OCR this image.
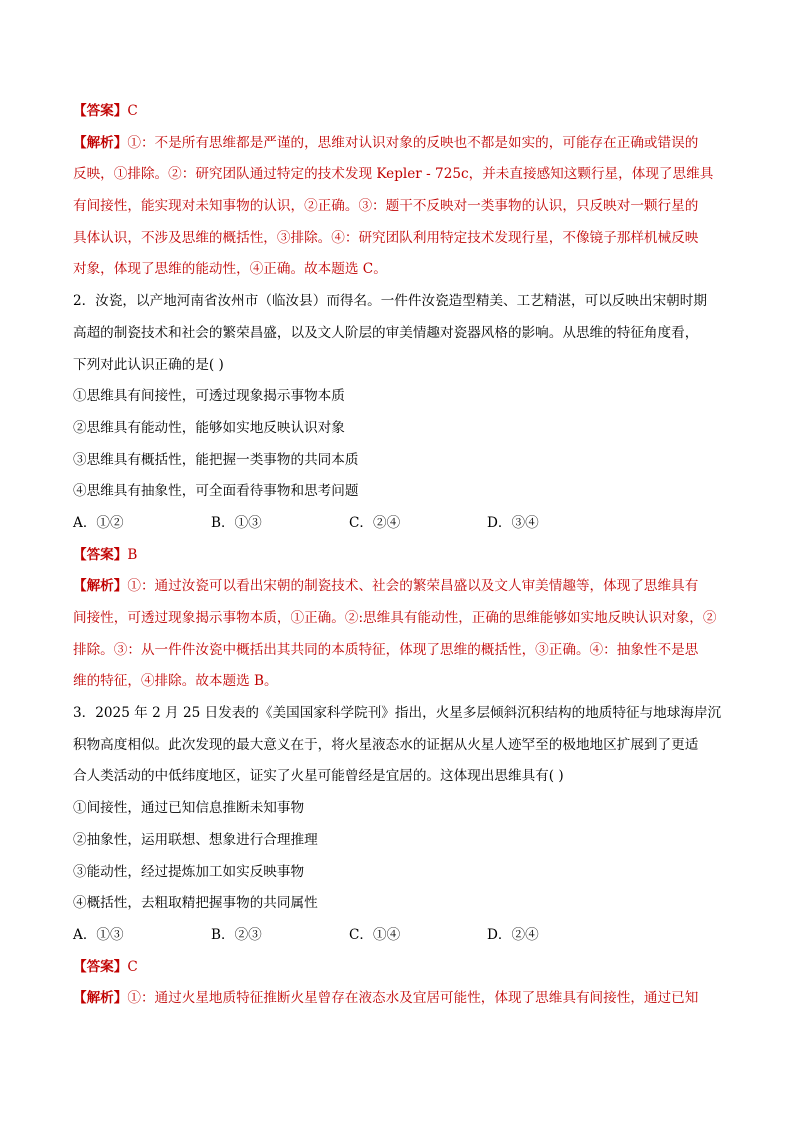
【答案】C
【解析】①：不是所有思维都是严谨的，思维对认识对象的反映也不都是如实的，可能存在正确或错误的
反映，①排除。②：研究团队通过特定的技术发现 Kepler - 725c，并未直接感知这颗行星，体现了思维具
有间接性，能实现对未知事物的认识，②正确。③：题干不反映对一类事物的认识，只反映对一颗行星的
具体认识，不涉及思维的概括性，③排除。④：研究团队利用特定技术发现行星，不像镜子那样机械反映
对象，体现了思维的能动性，④正确。故本题选 C。
2．汝瓷，以产地河南省汝州市（临汝县）而得名。一件件汝瓷造型精美、工艺精湛，可以反映出宋朝时期
高超的制瓷技术和社会的繁荣昌盛，以及文人阶层的审美情趣对瓷器风格的影响。从思维的特征角度看，
下列对此认识正确的是( )
①思维具有间接性，可透过现象揭示事物本质
②思维具有能动性，能够如实地反映认识对象
③思维具有概括性，能把握一类事物的共同本质
④思维具有抽象性，可全面看待事物和思考问题
A．①②	B．①③	C．②④	D．③④
【答案】B
【解析】①：通过汝瓷可以看出宋朝的制瓷技术、社会的繁荣昌盛以及文人审美情趣等，体现了思维具有
间接性，可透过现象揭示事物本质，①正确。②:思维具有能动性，正确的思维能够如实地反映认识对象，②
排除。③：从一件件汝瓷中概括出其共同的本质特征，体现了思维的概括性，③正确。④：抽象性不是思
维的特征，④排除。故本题选 B。
3．2025 年 2 月 25 日发表的《美国国家科学院刊》指出，火星多层倾斜沉积结构的地质特征与地球海岸沉
积物高度相似。此次发现的最大意义在于，将火星液态水的证据从火星人迹罕至的极地地区扩展到了更适
合人类活动的中低纬度地区，证实了火星可能曾经是宜居的。这体现出思维具有( )
①间接性，通过已知信息推断未知事物
②抽象性，运用联想、想象进行合理推理
③能动性，经过提炼加工如实反映事物
④概括性，去粗取精把握事物的共同属性
A．①③	B．②③	C．①④	D．②④
【答案】C
【解析】①：通过火星地质特征推断火星曾存在液态水及宜居可能性，体现了思维具有间接性，通过已知
